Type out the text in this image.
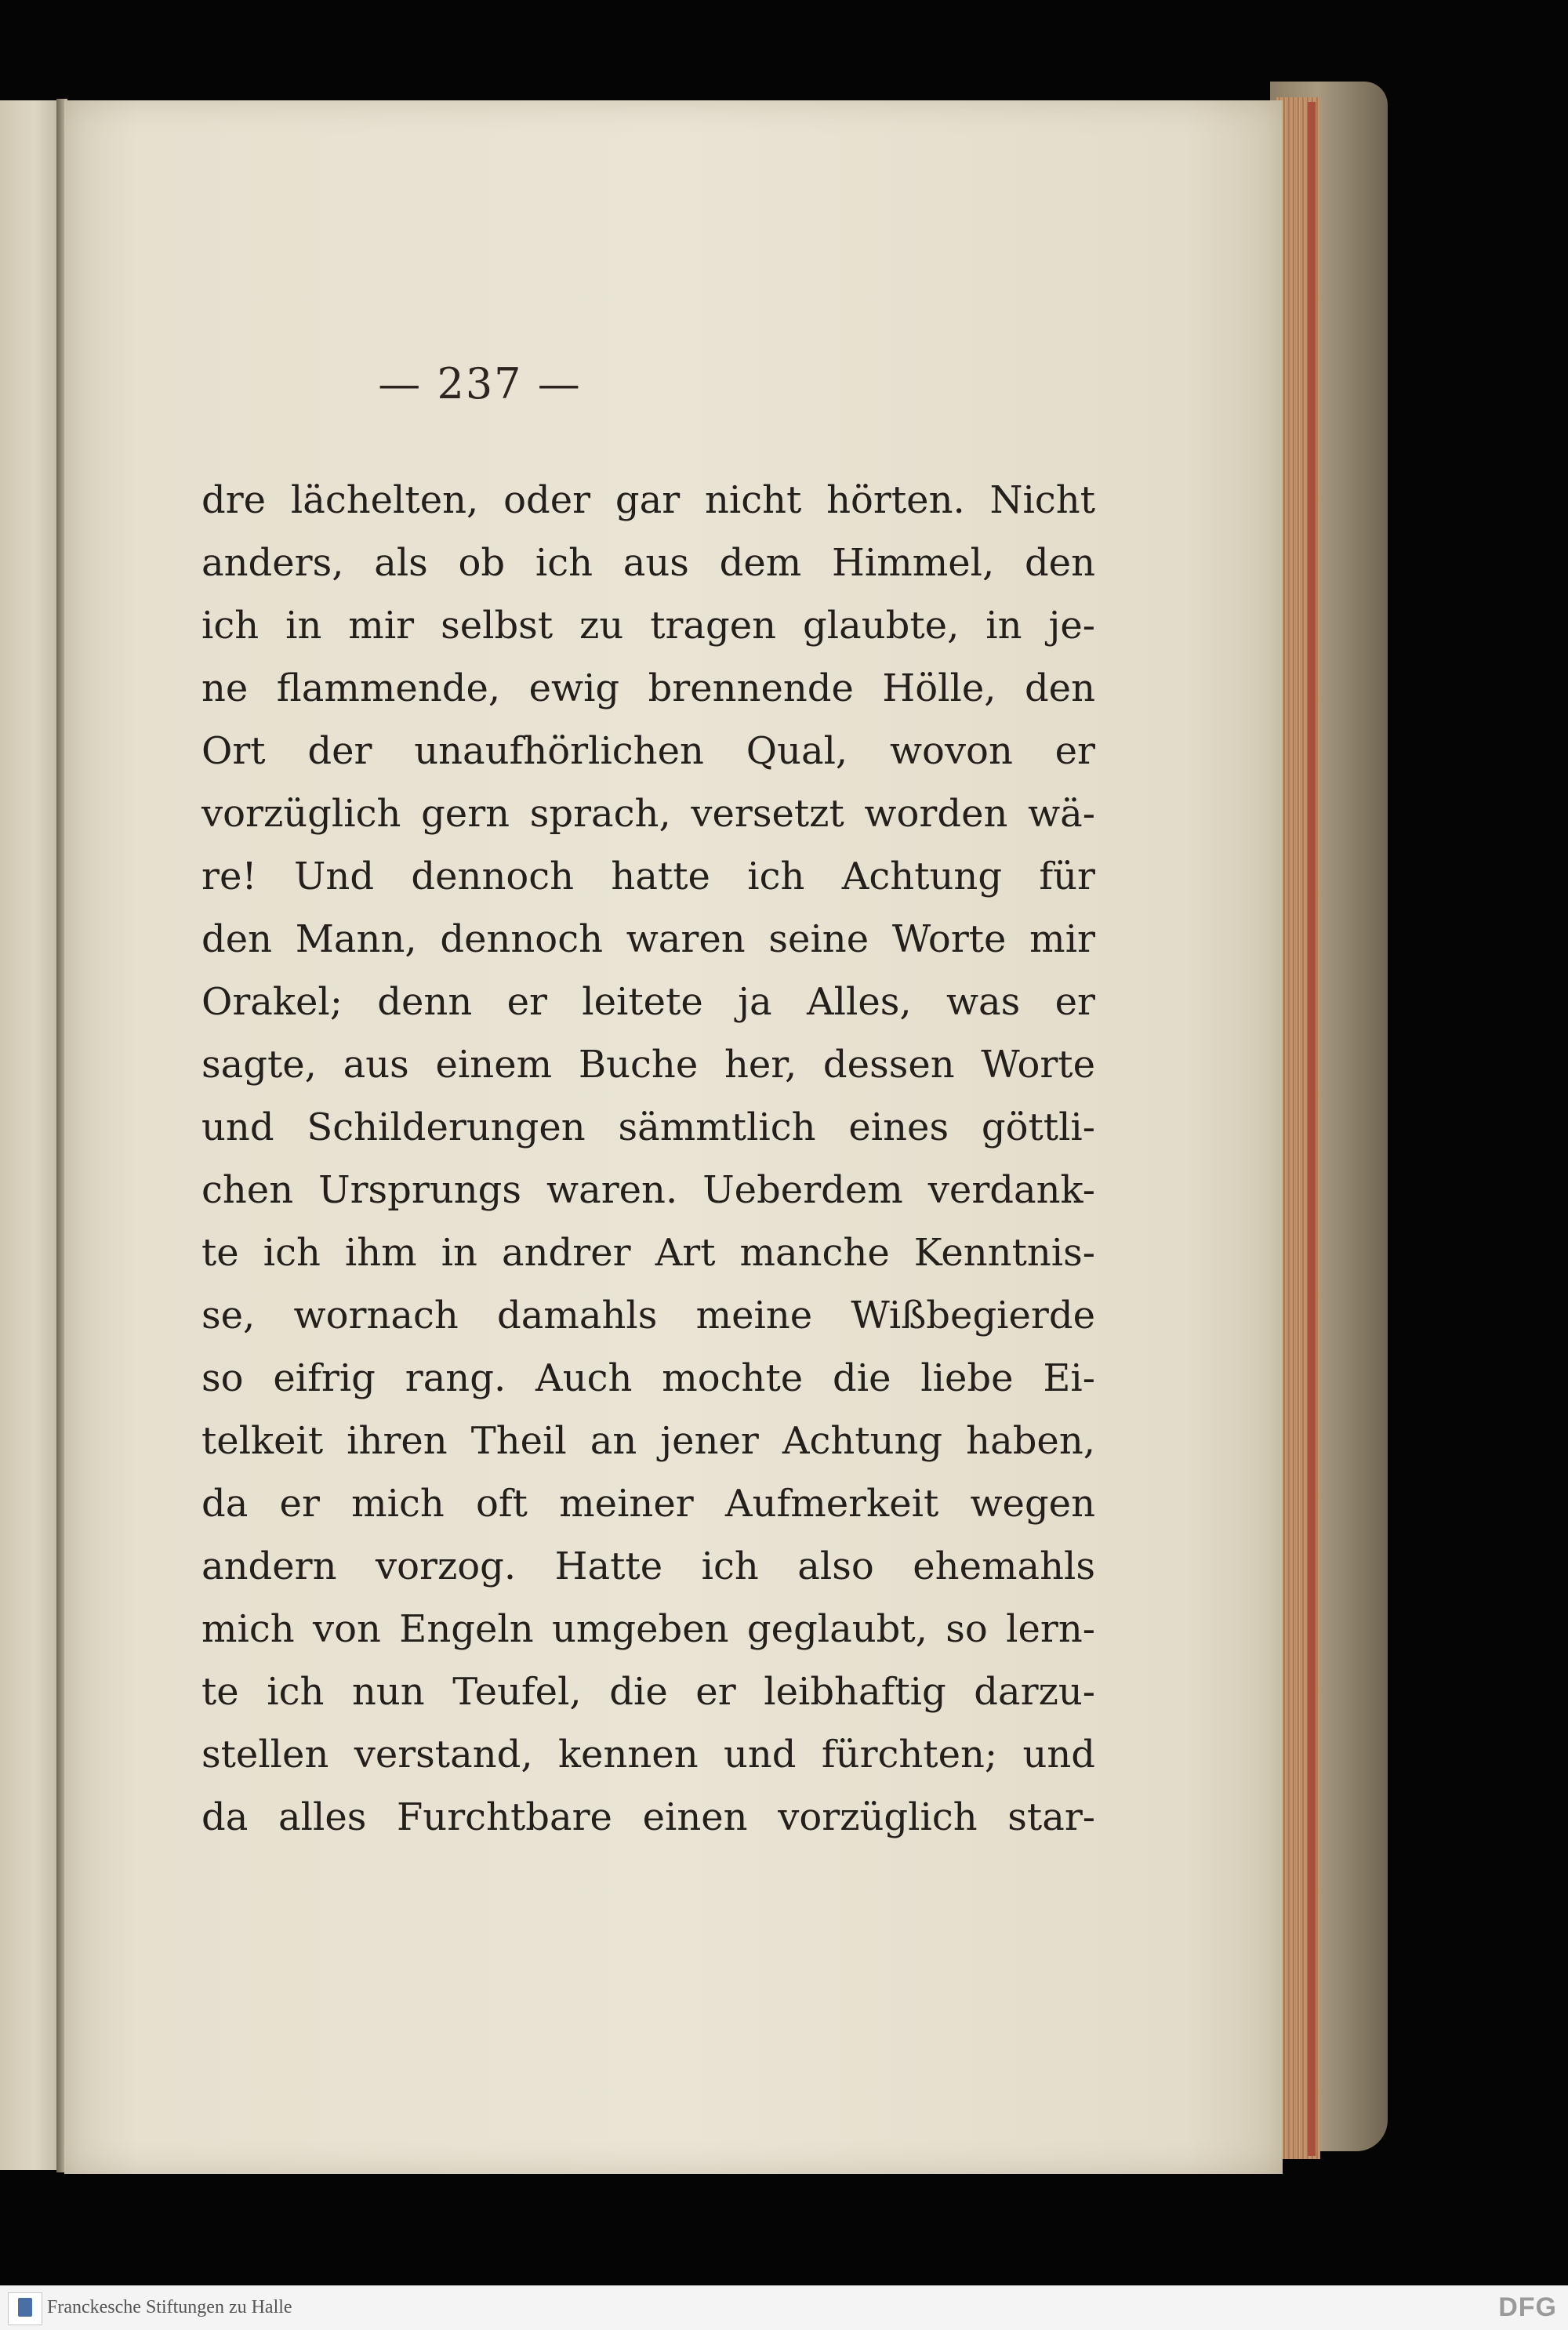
— 237 —
dre lächelten, oder gar nicht hörten. Nicht
anders, als ob ich aus dem Himmel, den
ich in mir selbst zu tragen glaubte, in je-
ne flammende, ewig brennende Hölle, den
Ort der unaufhörlichen Qual, wovon er
vorzüglich gern sprach, versetzt worden wä-
re! Und dennoch hatte ich Achtung für
den Mann, dennoch waren seine Worte mir
Orakel; denn er leitete ja Alles, was er
sagte, aus einem Buche her, dessen Worte
und Schilderungen sämmtlich eines göttli-
chen Ursprungs waren. Ueberdem verdank-
te ich ihm in andrer Art manche Kenntnis-
se, wornach damahls meine Wißbegierde
so eifrig rang. Auch mochte die liebe Ei-
telkeit ihren Theil an jener Achtung haben,
da er mich oft meiner Aufmerkeit wegen
andern vorzog. Hatte ich also ehemahls
mich von Engeln umgeben geglaubt, so lern-
te ich nun Teufel, die er leibhaftig darzu-
stellen verstand, kennen und fürchten; und
da alles Furchtbare einen vorzüglich star-
Franckesche Stiftungen zu Halle	DFG
